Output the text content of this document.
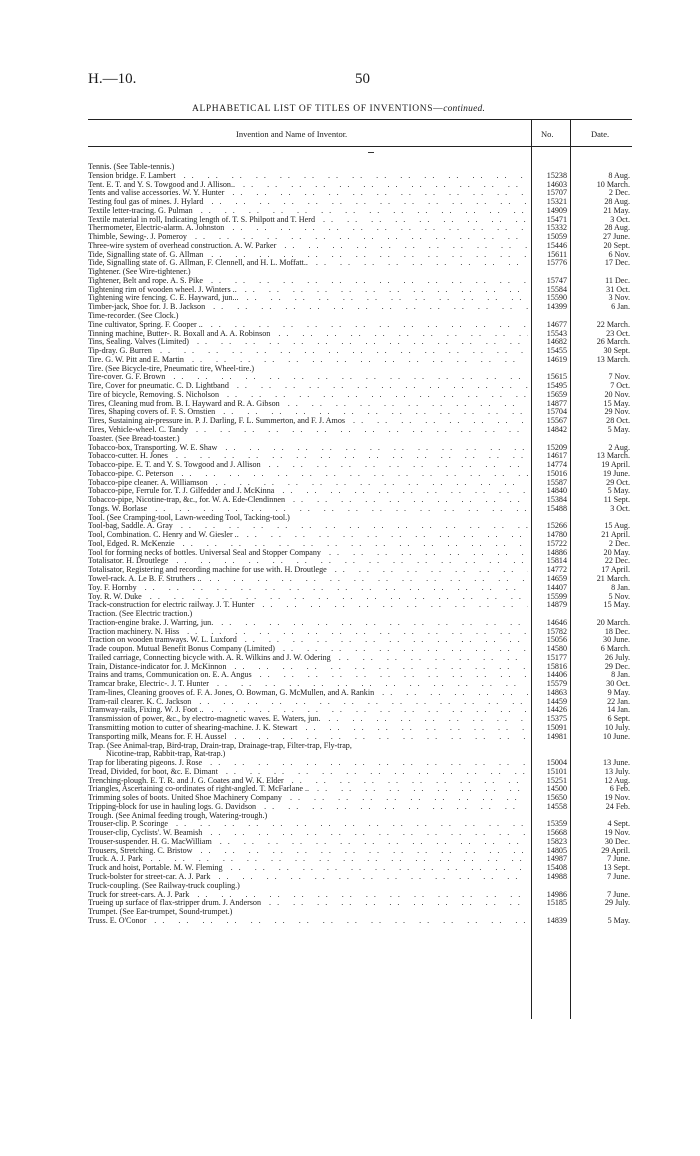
H.—10.	50
ALPHABETICAL LIST OF TITLES OF INVENTIONS—continued.
Invention and Name of Inventor.	No.	Date.
Tennis. (See Table-tennis.)
Tension bridge. F. Lambert .. ..	15238	8 Aug.
Tent. E. T. and Y. S. Towgood and J. Allison.. .. ..	14603	10 March.
Tents and valise accessories. W. Y. Hunter .. ..	15707	2 Dec.
Testing foul gas of mines. J. Hylard .. ..	15321	28 Aug.
Textile letter-tracing. G. Pulman .. ..	14909	21 May.
Textile material in roll, Indicating length of. T. S. Philpott and T. Herd .. ..	15471	3 Oct.
Thermometer, Electric-alarm. A. Johnston .. ..	15332	28 Aug.
Thimble, Sewing-. J. Pomeroy .. ..	15059	27 June.
Three-wire system of overhead construction. A. W. Parker .. ..	15446	20 Sept.
Tide, Signalling state of. G. Allman .. ..	15611	6 Nov.
Tide, Signalling state of. G. Allman, F. Clennell, and H. L. Moffatt.. .. ..	15776	17 Dec.
Tightener. (See Wire-tightener.)
Tightener, Belt and rope. A. S. Pike .. ..	15747	11 Dec.
Tightening rim of wooden wheel. J. Winters .. .. ..	15584	31 Oct.
Tightening wire fencing. C. E. Hayward, jun... .. ..	15590	3 Nov.
Timber-jack, Shoe for. J. B. Jackson .. ..	14399	6 Jan.
Time-recorder. (See Clock.)
Tine cultivator, Spring. F. Cooper .. .. ..	14677	22 March.
Tinning machine, Butter-. R. Boxall and A. A. Robinson .. ..	15543	23 Oct.
Tins, Sealing. Valves (Limited) .. ..	14682	26 March.
Tip-dray. G. Burren .. ..	15455	30 Sept.
Tire. G. W. Pitt and E. Martin .. ..	14619	13 March.
Tire. (See Bicycle-tire, Pneumatic tire, Wheel-tire.)
Tire-cover. G. F. Brown .. ..	15615	7 Nov.
Tire, Cover for pneumatic. C. D. Lightband .. ..	15495	7 Oct.
Tire of bicycle, Removing. S. Nicholson .. ..	15659	20 Nov.
Tires, Cleaning mud from. B. I. Hayward and R. A. Gibson .. ..	14877	15 May.
Tires, Shaping covers of. F. S. Ornstien .. ..	15704	29 Nov.
Tires, Sustaining air-pressure in. P. J. Darling, F. L. Summerton, and F. J. Amos .. ..	15567	28 Oct.
Tires, Vehicle-wheel. C. Tandy .. ..	14842	5 May.
Toaster. (See Bread-toaster.)
Tobacco-box, Transporting. W. E. Shaw .. ..	15209	2 Aug.
Tobacco-cutter. H. Jones .. ..	14617	13 March.
Tobacco-pipe. E. T. and Y. S. Towgood and J. Allison .. ..	14774	19 April.
Tobacco-pipe. C. Peterson .. ..	15016	19 June.
Tobacco-pipe cleaner. A. Williamson .. ..	15587	29 Oct.
Tobacco-pipe, Ferrule for. T. J. Gilfedder and J. McKinna .. ..	14840	5 May.
Tobacco-pipe, Nicotine-trap, &c., for. W. A. Ede-Clendinnen .. ..	15384	11 Sept.
Tongs. W. Borlase .. ..	15488	3 Oct.
Tool. (See Cramping-tool, Lawn-weeding Tool, Tacking-tool.)
Tool-bag, Saddle. A. Gray .. ..	15266	15 Aug.
Tool, Combination. C. Henry and W. Giesler .. .. ..	14780	21 April.
Tool, Edged. R. McKenzie .. ..	15722	2 Dec.
Tool for forming necks of bottles. Universal Seal and Stopper Company .. ..	14886	20 May.
Totalisator. H. Droutlege .. ..	15814	22 Dec.
Totalisator, Registering and recording machine for use with. H. Droutlege .. ..	14772	17 April.
Towel-rack. A. Le B. F. Struthers .. .. ..	14659	21 March.
Toy. F. Hornby .. ..	14407	8 Jan.
Toy. R. W. Duke .. ..	15599	5 Nov.
Track-construction for electric railway. J. T. Hunter .. ..	14879	15 May.
Traction. (See Electric traction.)
Traction-engine brake. J. Warring, jun. .. ..	14646	20 March.
Traction machinery. N. Hiss .. ..	15782	18 Dec.
Traction on wooden tramways. W. L. Luxford .. ..	15056	30 June.
Trade coupon. Mutual Benefit Bonus Company (Limited) .. ..	14580	6 March.
Trailed carriage, Connecting bicycle with. A. R. Wilkins and J. W. Odering .. ..	15177	26 July.
Train, Distance-indicator for. J. McKinnon .. ..	15816	29 Dec.
Trains and trams, Communication on. E. A. Angus .. ..	14406	8 Jan.
Tramcar brake, Electric-. J. T. Hunter .. ..	15579	30 Oct.
Tram-lines, Cleaning grooves of. F. A. Jones, O. Bowman, G. McMullen, and A. Rankin .. ..	14863	9 May.
Tram-rail clearer. K. C. Jackson .. ..	14459	22 Jan.
Tramway-rails, Fixing. W. J. Foot .. .. ..	14426	14 Jan.
Transmission of power, &c., by electro-magnetic waves. E. Waters, jun. .. ..	15375	6 Sept.
Transmitting motion to cutter of shearing-machine. J. K. Stewart .. ..	15091	10 July.
Transporting milk, Means for. F. H. Aussel .. ..	14981	10 June.
Trap. (See Animal-trap, Bird-trap, Drain-trap, Drainage-trap, Filter-trap, Fly-trap,
Nicotine-trap, Rabbit-trap, Rat-trap.)
Trap for liberating pigeons. J. Rose .. ..	15004	13 June.
Tread, Divided, for boot, &c. E. Dimant .. ..	15101	13 July.
Trenching-plough. E. T. R. and J. G. Coates and W. K. Elder .. ..	15251	12 Aug.
Triangles, Ascertaining co-ordinates of right-angled. T. McFarlane .. .. ..	14500	6 Feb.
Trimming soles of boots. United Shoe Machinery Company .. ..	15650	19 Nov.
Tripping-block for use in hauling logs. G. Davidson .. ..	14558	24 Feb.
Trough. (See Animal feeding trough, Watering-trough.)
Trouser-clip. P. Scoringe .. ..	15359	4 Sept.
Trouser-clip, Cyclists'. W. Beamish .. ..	15668	19 Nov.
Trouser-suspender. H. G. MacWilliam .. ..	15823	30 Dec.
Trousers, Stretching. C. Bristow .. ..	14805	29 April.
Truck. A. J. Park .. ..	14987	7 June.
Truck and hoist, Portable. M. W. Fleming .. ..	15408	13 Sept.
Truck-bolster for street-car. A. J. Park .. ..	14988	7 June.
Truck-coupling. (See Railway-truck coupling.)
Truck for street-cars. A. J. Park .. ..	14986	7 June.
Trueing up surface of flax-stripper drum. J. Anderson .. ..	15185	29 July.
Trumpet. (See Ear-trumpet, Sound-trumpet.)
Truss. E. O'Conor .. ..	14839	5 May.
